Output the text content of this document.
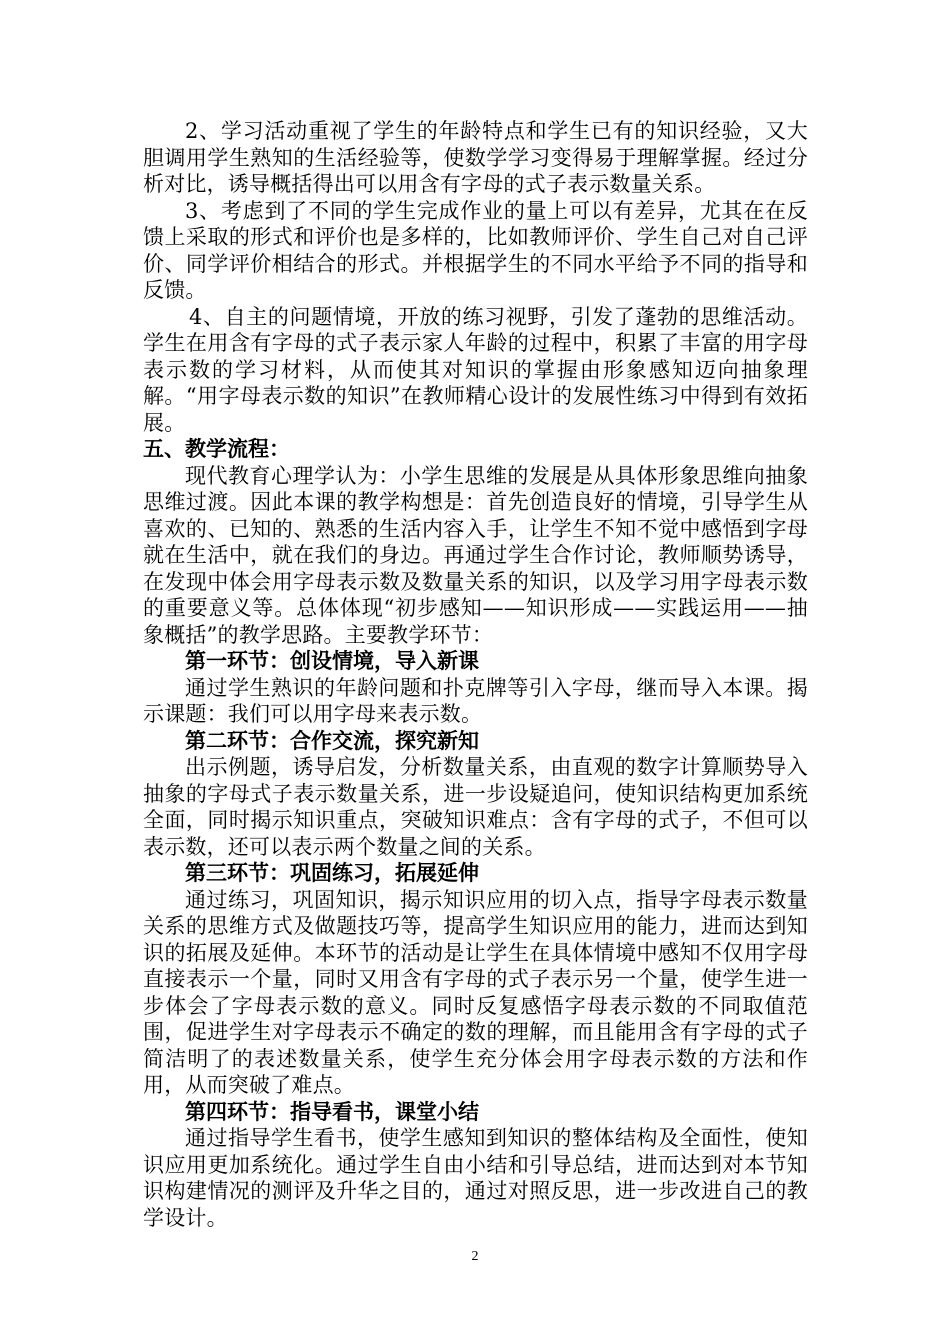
2、学习活动重视了学生的年龄特点和学生已有的知识经验，又大胆调用学生熟知的生活经验等，使数学学习变得易于理解掌握。经过分析对比，诱导概括得出可以用含有字母的式子表示数量关系。

3、考虑到了不同的学生完成作业的量上可以有差异，尤其在在反馈上采取的形式和评价也是多样的，比如教师评价、学生自己对自己评价、同学评价相结合的形式。并根据学生的不同水平给予不同的指导和反馈。

4、自主的问题情境，开放的练习视野，引发了蓬勃的思维活动。学生在用含有字母的式子表示家人年龄的过程中，积累了丰富的用字母表示数的学习材料，从而使其对知识的掌握由形象感知迈向抽象理解。“用字母表示数的知识”在教师精心设计的发展性练习中得到有效拓展。

五、教学流程：

现代教育心理学认为：小学生思维的发展是从具体形象思维向抽象思维过渡。因此本课的教学构想是：首先创造良好的情境，引导学生从喜欢的、已知的、熟悉的生活内容入手，让学生不知不觉中感悟到字母就在生活中，就在我们的身边。再通过学生合作讨论，教师顺势诱导，在发现中体会用字母表示数及数量关系的知识，以及学习用字母表示数的重要意义等。总体体现“初步感知——知识形成——实践运用——抽象概括”的教学思路。主要教学环节：

第一环节：创设情境，导入新课

通过学生熟识的年龄问题和扑克牌等引入字母，继而导入本课。揭示课题：我们可以用字母来表示数。

第二环节：合作交流，探究新知

出示例题，诱导启发，分析数量关系，由直观的数字计算顺势导入抽象的字母式子表示数量关系，进一步设疑追问，使知识结构更加系统全面，同时揭示知识重点，突破知识难点：含有字母的式子，不但可以表示数，还可以表示两个数量之间的关系。

第三环节：巩固练习，拓展延伸

通过练习，巩固知识，揭示知识应用的切入点，指导字母表示数量关系的思维方式及做题技巧等，提高学生知识应用的能力，进而达到知识的拓展及延伸。本环节的活动是让学生在具体情境中感知不仅用字母直接表示一个量，同时又用含有字母的式子表示另一个量，使学生进一步体会了字母表示数的意义。同时反复感悟字母表示数的不同取值范围，促进学生对字母表示不确定的数的理解，而且能用含有字母的式子简洁明了的表述数量关系，使学生充分体会用字母表示数的方法和作用，从而突破了难点。

第四环节：指导看书，课堂小结

通过指导学生看书，使学生感知到知识的整体结构及全面性，使知识应用更加系统化。通过学生自由小结和引导总结，进而达到对本节知识构建情况的测评及升华之目的，通过对照反思，进一步改进自己的教学设计。

2
